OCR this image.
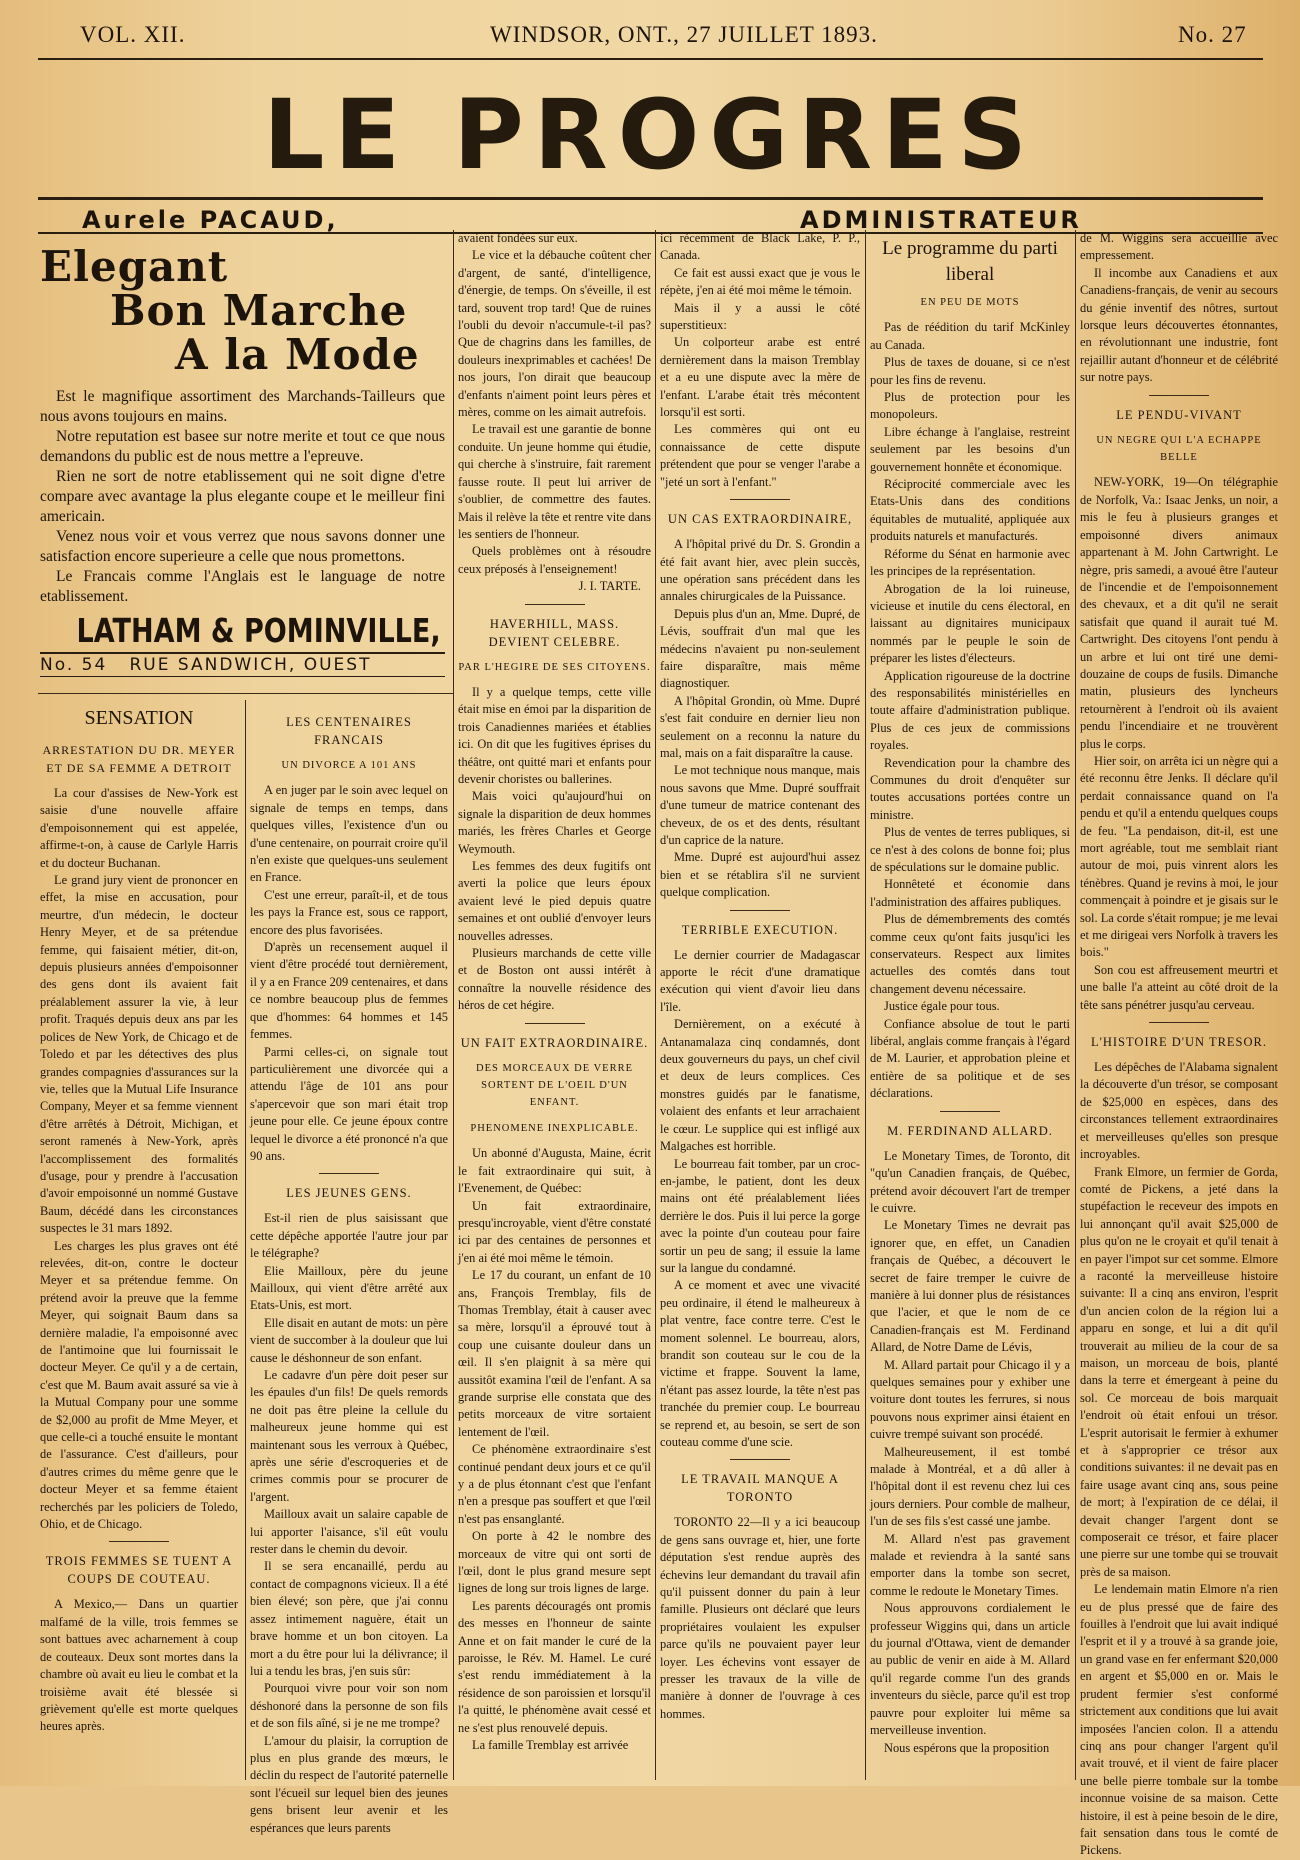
VOL. XII.	WINDSOR, ONT., 27 JUILLET 1893.	No. 27
LE PROGRES
Aurele PACAUD,	ADMINISTRATEUR
Elegant
Bon Marche
A la Mode

Est le magnifique assortiment des Marchands-Tailleurs que nous avons toujours en mains.

Notre reputation est basee sur notre merite et tout ce que nous demandons du public est de nous mettre a l'epreuve.

Rien ne sort de notre etablissement qui ne soit digne d'etre compare avec avantage la plus elegante coupe et le meilleur fini americain.

Venez nous voir et vous verrez que nous savons donner une satisfaction encore superieure a celle que nous promettons.

Le Francais comme l'Anglais est le language de notre etablissement.

LATHAM & POMINVILLE,
No. 54 RUE SANDWICH, OUEST
SENSATION
ARRESTATION DU DR. MEYER ET DE SA FEMME A DETROIT

La cour d'assises de New-York est saisie d'une nouvelle affaire d'empoisonnement qui est appelée, affirme-t-on, à cause de Carlyle Harris et du docteur Buchanan.

Le grand jury vient de prononcer en effet, la mise en accusation, pour meurtre, d'un médecin, le docteur Henry Meyer, et de sa prétendue femme, qui faisaient métier, dit-on, depuis plusieurs années d'empoisonner des gens dont ils avaient fait préalablement assurer la vie, à leur profit. Traqués depuis deux ans par les polices de New York, de Chicago et de Toledo et par les détectives des plus grandes compagnies d'assurances sur la vie, telles que la Mutual Life Insurance Company, Meyer et sa femme viennent d'être arrêtés à Détroit, Michigan, et seront ramenés à New-York, après l'accomplissement des formalités d'usage, pour y prendre à l'accusation d'avoir empoisonné un nommé Gustave Baum, décédé dans les circonstances suspectes le 31 mars 1892.

Les charges les plus graves ont été relevées, dit-on, contre le docteur Meyer et sa prétendue femme. On prétend avoir la preuve que la femme Meyer, qui soignait Baum dans sa dernière maladie, l'a empoisonné avec de l'antimoine que lui fournissait le docteur Meyer. Ce qu'il y a de certain, c'est que M. Baum avait assuré sa vie à la Mutual Company pour une somme de $2,000 au profit de Mme Meyer, et que celle-ci a touché ensuite le montant de l'assurance. C'est d'ailleurs, pour d'autres crimes du même genre que le docteur Meyer et sa femme étaient recherchés par les policiers de Toledo, Ohio, et de Chicago.

TROIS FEMMES SE TUENT A COUPS DE COUTEAU.

A Mexico,— Dans un quartier malfamé de la ville, trois femmes se sont battues avec acharnement à coup de couteaux. Deux sont mortes dans la chambre où avait eu lieu le combat et la troisième avait été blessée si grièvement qu'elle est morte quelques heures après.

LES CENTENAIRES FRANCAIS
UN DIVORCE A 101 ANS

A en juger par le soin avec lequel on signale de temps en temps, dans quelques villes, l'existence d'un ou d'une centenaire, on pourrait croire qu'il n'en existe que quelques-uns seulement en France.

C'est une erreur, paraît-il, et de tous les pays la France est, sous ce rapport, encore des plus favorisées.

D'après un recensement auquel il vient d'être procédé tout dernièrement, il y a en France 209 centenaires, et dans ce nombre beaucoup plus de femmes que d'hommes: 64 hommes et 145 femmes.

Parmi celles-ci, on signale tout particulièrement une divorcée qui a attendu l'âge de 101 ans pour s'apercevoir que son mari était trop jeune pour elle. Ce jeune époux contre lequel le divorce a été prononcé n'a que 90 ans.

LES JEUNES GENS.

Est-il rien de plus saisissant que cette dépêche apportée l'autre jour par le télégraphe?

Elie Mailloux, père du jeune Mailloux, qui vient d'être arrêté aux Etats-Unis, est mort.

Elle disait en autant de mots: un père vient de succomber à la douleur que lui cause le déshonneur de son enfant.

Le cadavre d'un père doit peser sur les épaules d'un fils! De quels remords ne doit pas être pleine la cellule du malheureux jeune homme qui est maintenant sous les verroux à Québec, après une série d'escroqueries et de crimes commis pour se procurer de l'argent.

Mailloux avait un salaire capable de lui apporter l'aisance, s'il eût voulu rester dans le chemin du devoir.

Il se sera encanaillé, perdu au contact de compagnons vicieux. Il a été bien élevé; son père, que j'ai connu assez intimement naguère, était un brave homme et un bon citoyen. La mort a du être pour lui la délivrance; il lui a tendu les bras, j'en suis sûr:

Pourquoi vivre pour voir son nom déshonoré dans la personne de son fils et de son fils aîné, si je ne me trompe?

L'amour du plaisir, la corruption de plus en plus grande des mœurs, le déclin du respect de l'autorité paternelle sont l'écueil sur lequel bien des jeunes gens brisent leur avenir et les espérances que leurs parents

avaient fondées sur eux.

Le vice et la débauche coûtent cher d'argent, de santé, d'intelligence, d'énergie, de temps. On s'éveille, il est tard, souvent trop tard! Que de ruines l'oubli du devoir n'accumule-t-il pas? Que de chagrins dans les familles, de douleurs inexprimables et cachées! De nos jours, l'on dirait que beaucoup d'enfants n'aiment point leurs pères et mères, comme on les aimait autrefois.

Le travail est une garantie de bonne conduite. Un jeune homme qui étudie, qui cherche à s'instruire, fait rarement fausse route. Il peut lui arriver de s'oublier, de commettre des fautes. Mais il relève la tête et rentre vite dans les sentiers de l'honneur.

Quels problèmes ont à résoudre ceux préposés à l'enseignement!

J. I. TARTE.
HAVERHILL, MASS. DEVIENT CELEBRE.
PAR L'HEGIRE DE SES CITOYENS.

Il y a quelque temps, cette ville était mise en émoi par la disparition de trois Canadiennes mariées et établies ici. On dit que les fugitives éprises du théâtre, ont quitté mari et enfants pour devenir choristes ou ballerines.

Mais voici qu'aujourd'hui on signale la disparition de deux hommes mariés, les frères Charles et George Weymouth.

Les femmes des deux fugitifs ont averti la police que leurs époux avaient levé le pied depuis quatre semaines et ont oublié d'envoyer leurs nouvelles adresses.

Plusieurs marchands de cette ville et de Boston ont aussi intérêt à connaître la nouvelle résidence des héros de cet hégire.

UN FAIT EXTRAORDINAIRE.
DES MORCEAUX DE VERRE SORTENT DE L'OEIL D'UN ENFANT.
PHENOMENE INEXPLICABLE.

Un abonné d'Augusta, Maine, écrit le fait extraordinaire qui suit, à l'Evenement, de Québec:

Un fait extraordinaire, presqu'incroyable, vient d'être constaté ici par des centaines de personnes et j'en ai été moi même le témoin.

Le 17 du courant, un enfant de 10 ans, François Tremblay, fils de Thomas Tremblay, était à causer avec sa mère, lorsqu'il a éprouvé tout à coup une cuisante douleur dans un œil. Il s'en plaignit à sa mère qui aussitôt examina l'œil de l'enfant. A sa grande surprise elle constata que des petits morceaux de vitre sortaient lentement de l'œil.

Ce phénomène extraordinaire s'est continué pendant deux jours et ce qu'il y a de plus étonnant c'est que l'enfant n'en a presque pas souffert et que l'œil n'est pas ensanglanté.

On porte à 42 le nombre des morceaux de vitre qui ont sorti de l'œil, dont le plus grand mesure sept lignes de long sur trois lignes de large.

Les parents découragés ont promis des messes en l'honneur de sainte Anne et on fait mander le curé de la paroisse, le Rév. M. Hamel. Le curé s'est rendu immédiatement à la résidence de son paroissien et lorsqu'il l'a quitté, le phénomène avait cessé et ne s'est plus renouvelé depuis.

La famille Tremblay est arrivée

ici récemment de Black Lake, P. P., Canada.

Ce fait est aussi exact que je vous le répète, j'en ai été moi même le témoin.

Mais il y a aussi le côté superstitieux:

Un colporteur arabe est entré dernièrement dans la maison Tremblay et a eu une dispute avec la mère de l'enfant. L'arabe était très mécontent lorsqu'il est sorti.

Les commères qui ont eu connaissance de cette dispute prétendent que pour se venger l'arabe a "jeté un sort à l'enfant."

UN CAS EXTRAORDINAIRE,

A l'hôpital privé du Dr. S. Grondin a été fait avant hier, avec plein succès, une opération sans précédent dans les annales chirurgicales de la Puissance.

Depuis plus d'un an, Mme. Dupré, de Lévis, souffrait d'un mal que les médecins n'avaient pu non-seulement faire disparaître, mais même diagnostiquer.

A l'hôpital Grondin, où Mme. Dupré s'est fait conduire en dernier lieu non seulement on a reconnu la nature du mal, mais on a fait disparaître la cause.

Le mot technique nous manque, mais nous savons que Mme. Dupré souffrait d'une tumeur de matrice contenant des cheveux, de os et des dents, résultant d'un caprice de la nature.

Mme. Dupré est aujourd'hui assez bien et se rétablira s'il ne survient quelque complication.

TERRIBLE EXECUTION.

Le dernier courrier de Madagascar apporte le récit d'une dramatique exécution qui vient d'avoir lieu dans l'île.

Dernièrement, on a exécuté à Antanamalaza cinq condamnés, dont deux gouverneurs du pays, un chef civil et deux de leurs complices. Ces monstres guidés par le fanatisme, volaient des enfants et leur arrachaient le cœur. Le supplice qui est infligé aux Malgaches est horrible.

Le bourreau fait tomber, par un croc-en-jambe, le patient, dont les deux mains ont été préalablement liées derrière le dos. Puis il lui perce la gorge avec la pointe d'un couteau pour faire sortir un peu de sang; il essuie la lame sur la langue du condamné.

A ce moment et avec une vivacité peu ordinaire, il étend le malheureux à plat ventre, face contre terre. C'est le moment solennel. Le bourreau, alors, brandit son couteau sur le cou de la victime et frappe. Souvent la lame, n'étant pas assez lourde, la tête n'est pas tranchée du premier coup. Le bourreau se reprend et, au besoin, se sert de son couteau comme d'une scie.

LE TRAVAIL MANQUE A TORONTO

TORONTO 22—Il y a ici beaucoup de gens sans ouvrage et, hier, une forte députation s'est rendue auprès des échevins leur demandant du travail afin qu'il puissent donner du pain à leur famille. Plusieurs ont déclaré que leurs propriétaires voulaient les expulser parce qu'ils ne pouvaient payer leur loyer. Les échevins vont essayer de presser les travaux de la ville de manière à donner de l'ouvrage à ces hommes.

Le programme du parti liberal
EN PEU DE MOTS

Pas de réédition du tarif McKinley au Canada.

Plus de taxes de douane, si ce n'est pour les fins de revenu.

Plus de protection pour les monopoleurs.

Libre échange à l'anglaise, restreint seulement par les besoins d'un gouvernement honnête et économique.

Réciprocité commerciale avec les Etats-Unis dans des conditions équitables de mutualité, appliquée aux produits naturels et manufacturés.

Réforme du Sénat en harmonie avec les principes de la représentation.

Abrogation de la loi ruineuse, vicieuse et inutile du cens électoral, en laissant au dignitaires municipaux nommés par le peuple le soin de préparer les listes d'électeurs.

Application rigoureuse de la doctrine des responsabilités ministérielles en toute affaire d'administration publique. Plus de ces jeux de commissions royales.

Revendication pour la chambre des Communes du droit d'enquêter sur toutes accusations portées contre un ministre.

Plus de ventes de terres publiques, si ce n'est à des colons de bonne foi; plus de spéculations sur le domaine public.

Honnêteté et économie dans l'administration des affaires publiques.

Plus de démembrements des comtés comme ceux qu'ont faits jusqu'ici les conservateurs. Respect aux limites actuelles des comtés dans tout changement devenu nécessaire.

Justice égale pour tous.

Confiance absolue de tout le parti libéral, anglais comme français à l'égard de M. Laurier, et approbation pleine et entière de sa politique et de ses déclarations.

M. FERDINAND ALLARD.

Le Monetary Times, de Toronto, dit "qu'un Canadien français, de Québec, prétend avoir découvert l'art de tremper le cuivre.

Le Monetary Times ne devrait pas ignorer que, en effet, un Canadien français de Québec, a découvert le secret de faire tremper le cuivre de manière à lui donner plus de résistances que l'acier, et que le nom de ce Canadien-français est M. Ferdinand Allard, de Notre Dame de Lévis,

M. Allard partait pour Chicago il y a quelques semaines pour y exhiber une voiture dont toutes les ferrures, si nous pouvons nous exprimer ainsi étaient en cuivre trempé suivant son procédé.

Malheureusement, il est tombé malade à Montréal, et a dû aller à l'hôpital dont il est revenu chez lui ces jours derniers. Pour comble de malheur, l'un de ses fils s'est cassé une jambe.

M. Allard n'est pas gravement malade et reviendra à la santé sans emporter dans la tombe son secret, comme le redoute le Monetary Times.

Nous approuvons cordialement le professeur Wiggins qui, dans un article du journal d'Ottawa, vient de demander au public de venir en aide à M. Allard qu'il regarde comme l'un des grands inventeurs du siècle, parce qu'il est trop pauvre pour exploiter lui même sa merveilleuse invention.

Nous espérons que la proposition

de M. Wiggins sera accueillie avec empressement.

Il incombe aux Canadiens et aux Canadiens-français, de venir au secours du génie inventif des nôtres, surtout lorsque leurs découvertes étonnantes, en révolutionnant une industrie, font rejaillir autant d'honneur et de célébrité sur notre pays.

LE PENDU-VIVANT
UN NEGRE QUI L'A ECHAPPE BELLE

NEW-YORK, 19—On télégraphie de Norfolk, Va.: Isaac Jenks, un noir, a mis le feu à plusieurs granges et empoisonné divers animaux appartenant à M. John Cartwright. Le nègre, pris samedi, a avoué être l'auteur de l'incendie et de l'empoisonnement des chevaux, et a dit qu'il ne serait satisfait que quand il aurait tué M. Cartwright. Des citoyens l'ont pendu à un arbre et lui ont tiré une demi-douzaine de coups de fusils. Dimanche matin, plusieurs des lyncheurs retournèrent à l'endroit où ils avaient pendu l'incendiaire et ne trouvèrent plus le corps.

Hier soir, on arrêta ici un nègre qui a été reconnu être Jenks. Il déclare qu'il perdait connaissance quand on l'a pendu et qu'il a entendu quelques coups de feu. "La pendaison, dit-il, est une mort agréable, tout me semblait riant autour de moi, puis vinrent alors les ténèbres. Quand je revins à moi, le jour commençait à poindre et je gisais sur le sol. La corde s'était rompue; je me levai et me dirigeai vers Norfolk à travers les bois."

Son cou est affreusement meurtri et une balle l'a atteint au côté droit de la tête sans pénétrer jusqu'au cerveau.

L'HISTOIRE D'UN TRESOR.

Les dépêches de l'Alabama signalent la découverte d'un trésor, se composant de $25,000 en espèces, dans des circonstances tellement extraordinaires et merveilleuses qu'elles son presque incroyables.

Frank Elmore, un fermier de Gorda, comté de Pickens, a jeté dans la stupéfaction le receveur des impots en lui annonçant qu'il avait $25,000 de plus qu'on ne le croyait et qu'il tenait à en payer l'impot sur cet somme. Elmore a raconté la merveilleuse histoire suivante: Il a cinq ans environ, l'esprit d'un ancien colon de la région lui a apparu en songe, et lui a dit qu'il trouverait au milieu de la cour de sa maison, un morceau de bois, planté dans la terre et émergeant à peine du sol. Ce morceau de bois marquait l'endroit où était enfoui un trésor. L'esprit autorisait le fermier à exhumer et à s'approprier ce trésor aux conditions suivantes: il ne devait pas en faire usage avant cinq ans, sous peine de mort; à l'expiration de ce délai, il devait changer l'argent dont se composerait ce trésor, et faire placer une pierre sur une tombe qui se trouvait près de sa maison.

Le lendemain matin Elmore n'a rien eu de plus pressé que de faire des fouilles à l'endroit que lui avait indiqué l'esprit et il y a trouvé à sa grande joie, un grand vase en fer enfermant $20,000 en argent et $5,000 en or. Mais le prudent fermier s'est conformé strictement aux conditions que lui avait imposées l'ancien colon. Il a attendu cinq ans pour changer l'argent qu'il avait trouvé, et il vient de faire placer une belle pierre tombale sur la tombe inconnue voisine de sa maison. Cette histoire, il est à peine besoin de le dire, fait sensation dans tous le comté de Pickens.
